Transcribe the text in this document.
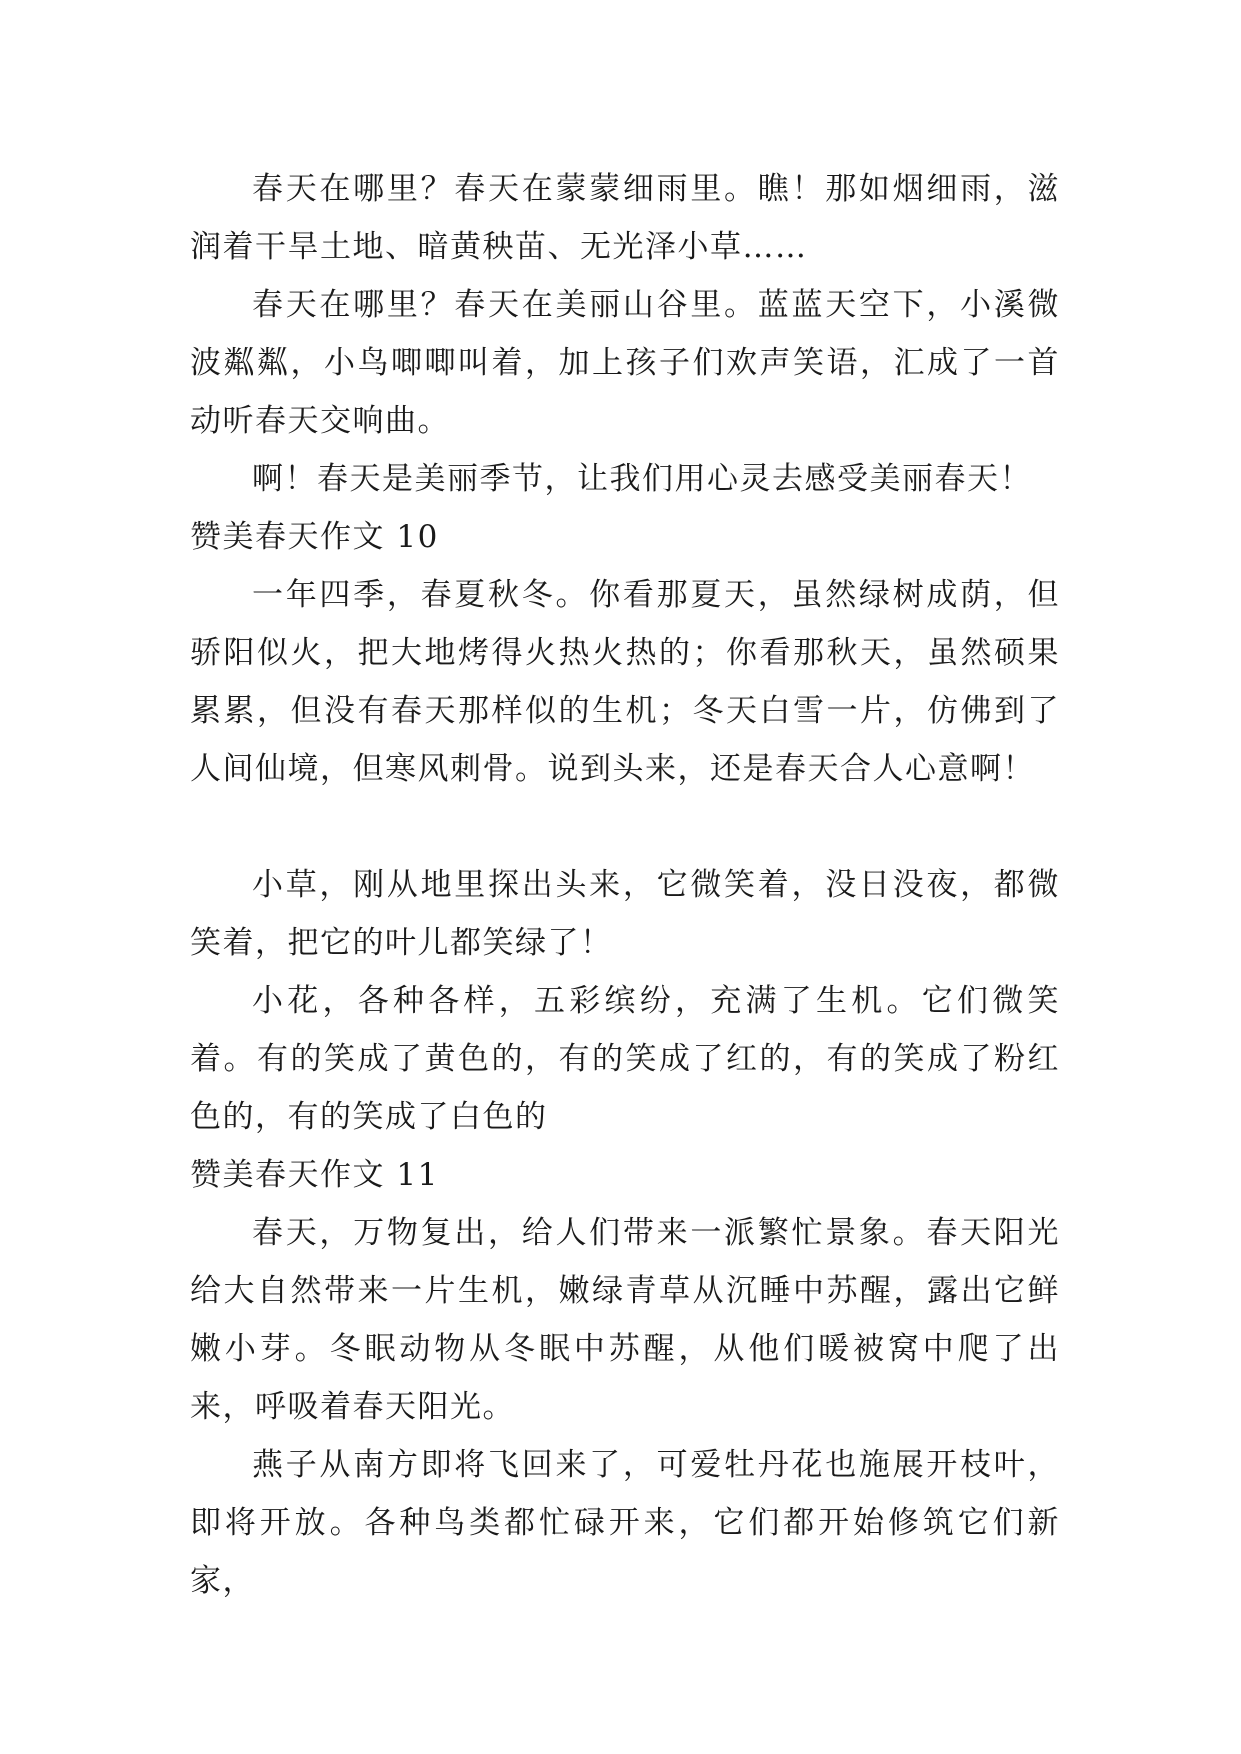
春天在哪里？春天在蒙蒙细雨里。瞧！那如烟细雨，滋润着干旱土地、暗黄秧苗、无光泽小草……

春天在哪里？春天在美丽山谷里。蓝蓝天空下，小溪微波粼粼，小鸟唧唧叫着，加上孩子们欢声笑语，汇成了一首动听春天交响曲。

啊！春天是美丽季节，让我们用心灵去感受美丽春天！

赞美春天作文 10

一年四季，春夏秋冬。你看那夏天，虽然绿树成荫，但骄阳似火，把大地烤得火热火热的；你看那秋天，虽然硕果累累，但没有春天那样似的生机；冬天白雪一片，仿佛到了人间仙境，但寒风刺骨。说到头来，还是春天合人心意啊！

小草，刚从地里探出头来，它微笑着，没日没夜，都微笑着，把它的叶儿都笑绿了！

小花，各种各样，五彩缤纷，充满了生机。它们微笑着。有的笑成了黄色的，有的笑成了红的，有的笑成了粉红色的，有的笑成了白色的

赞美春天作文 11

春天，万物复出，给人们带来一派繁忙景象。春天阳光给大自然带来一片生机，嫩绿青草从沉睡中苏醒，露出它鲜嫩小芽。冬眠动物从冬眠中苏醒，从他们暖被窝中爬了出来，呼吸着春天阳光。

燕子从南方即将飞回来了，可爱牡丹花也施展开枝叶，即将开放。各种鸟类都忙碌开来，它们都开始修筑它们新家，
